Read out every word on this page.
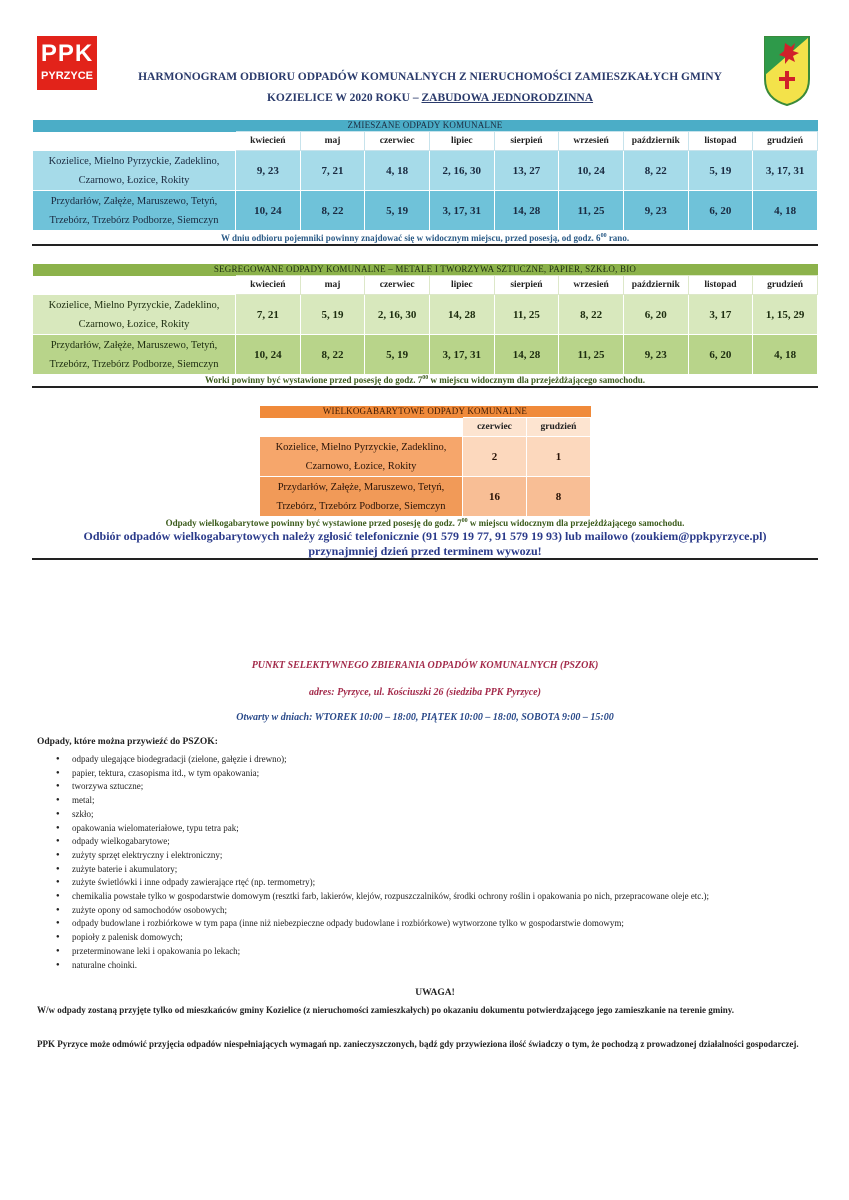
PPK
PYRZYCE	HARMONOGRAM ODBIORU ODPADÓW KOMUNALNYCH Z NIERUCHOMOŚCI ZAMIESZKAŁYCH GMINY
KOZIELICE W 2020 ROKU – ZABUDOWA JEDNORODZINNA
ZMIESZANE ODPADY KOMUNALNE									
	kwiecień	maj	czerwiec	lipiec	sierpień	wrzesień	październik	listopad	grudzień
Kozielice, Mielno Pyrzyckie, Zadeklino, Czarnowo, Łozice, Rokity	9, 23	7, 21	4, 18	2, 16, 30	13, 27	10, 24	8, 22	5, 19	3, 17, 31
Przydarłów, Załęże, Maruszewo, Tetyń, Trzebórz, Trzebórz Podborze, Siemczyn	10, 24	8, 22	5, 19	3, 17, 31	14, 28	11, 25	9, 23	6, 20	4, 18
W dniu odbioru pojemniki powinny znajdować się w widocznym miejscu, przed posesją, od godz. $6^{00}$ rano.
SEGREGOWANE ODPADY KOMUNALNE – METALE I TWORZYWA SZTUCZNE, PAPIER, SZKŁO, BIO									
	kwiecień	maj	czerwiec	lipiec	sierpień	wrzesień	październik	listopad	grudzień
Kozielice, Mielno Pyrzyckie, Zadeklino, Czarnowo, Łozice, Rokity	7, 21	5, 19	2, 16, 30	14, 28	11, 25	8, 22	6, 20	3, 17	1, 15, 29
Przydarłów, Załęże, Maruszewo, Tetyń, Trzebórz, Trzebórz Podborze, Siemczyn	10, 24	8, 22	5, 19	3, 17, 31	14, 28	11, 25	9, 23	6, 20	4, 18
Worki powinny być wystawione przed posesję do godz. $7^{00}$ w miejscu widocznym dla przejeżdżającego samochodu.
WIELKOGABARYTOWE ODPADY KOMUNALNE		
	czerwiec	grudzień
Kozielice, Mielno Pyrzyckie, Zadeklino, Czarnowo, Łozice, Rokity	2	1
Przydarłów, Załęże, Maruszewo, Tetyń, Trzebórz, Trzebórz Podborze, Siemczyn	16	8
Odpady wielkogabarytowe powinny być wystawione przed posesję do godz. $7^{00}$ w miejscu widocznym dla przejeżdżającego samochodu.
Odbiór odpadów wielkogabarytowych należy zgłosić telefonicznie (91 579 19 77, 91 579 19 93) lub mailowo (zoukiem@ppkpyrzyce.pl)
przynajmniej dzień przed terminem wywozu!
PUNKT SELEKTYWNEGO ZBIERANIA ODPADÓW KOMUNALNYCH (PSZOK)
adres: Pyrzyce, ul. Kościuszki 26 (siedziba PPK Pyrzyce)
Otwarty w dniach: WTOREK 10:00 – 18:00, PIĄTEK 10:00 – 18:00, SOBOTA 9:00 – 15:00
Odpady, które można przywieźć do PSZOK:
● odpady ulegające biodegradacji (zielone, gałęzie i drewno);
● papier, tektura, czasopisma itd., w tym opakowania;
● tworzywa sztuczne;
● metal;
● szkło;
● opakowania wielomateriałowe, typu tetra pak;
● odpady wielkogabarytowe;
● zużyty sprzęt elektryczny i elektroniczny;
● zużyte baterie i akumulatory;
● zużyte świetlówki i inne odpady zawierające rtęć (np. termometry);
● chemikalia powstałe tylko w gospodarstwie domowym (resztki farb, lakierów, klejów, rozpuszczalników, środki ochrony roślin i opakowania po nich, przepracowane oleje etc.);
● zużyte opony od samochodów osobowych;
● odpady budowlane i rozbiórkowe w tym papa (inne niż niebezpieczne odpady budowlane i rozbiórkowe) wytworzone tylko w gospodarstwie domowym;
● popioły z palenisk domowych;
● przeterminowane leki i opakowania po lekach;
● naturalne choinki.
UWAGA!
W/w odpady zostaną przyjęte tylko od mieszkańców gminy Kozielice (z nieruchomości zamieszkałych) po okazaniu dokumentu potwierdzającego jego zamieszkanie na terenie gminy.
PPK Pyrzyce może odmówić przyjęcia odpadów niespełniających wymagań np. zanieczyszczonych, bądź gdy przywieziona ilość świadczy o tym, że pochodzą z prowadzonej działalności gospodarczej.
